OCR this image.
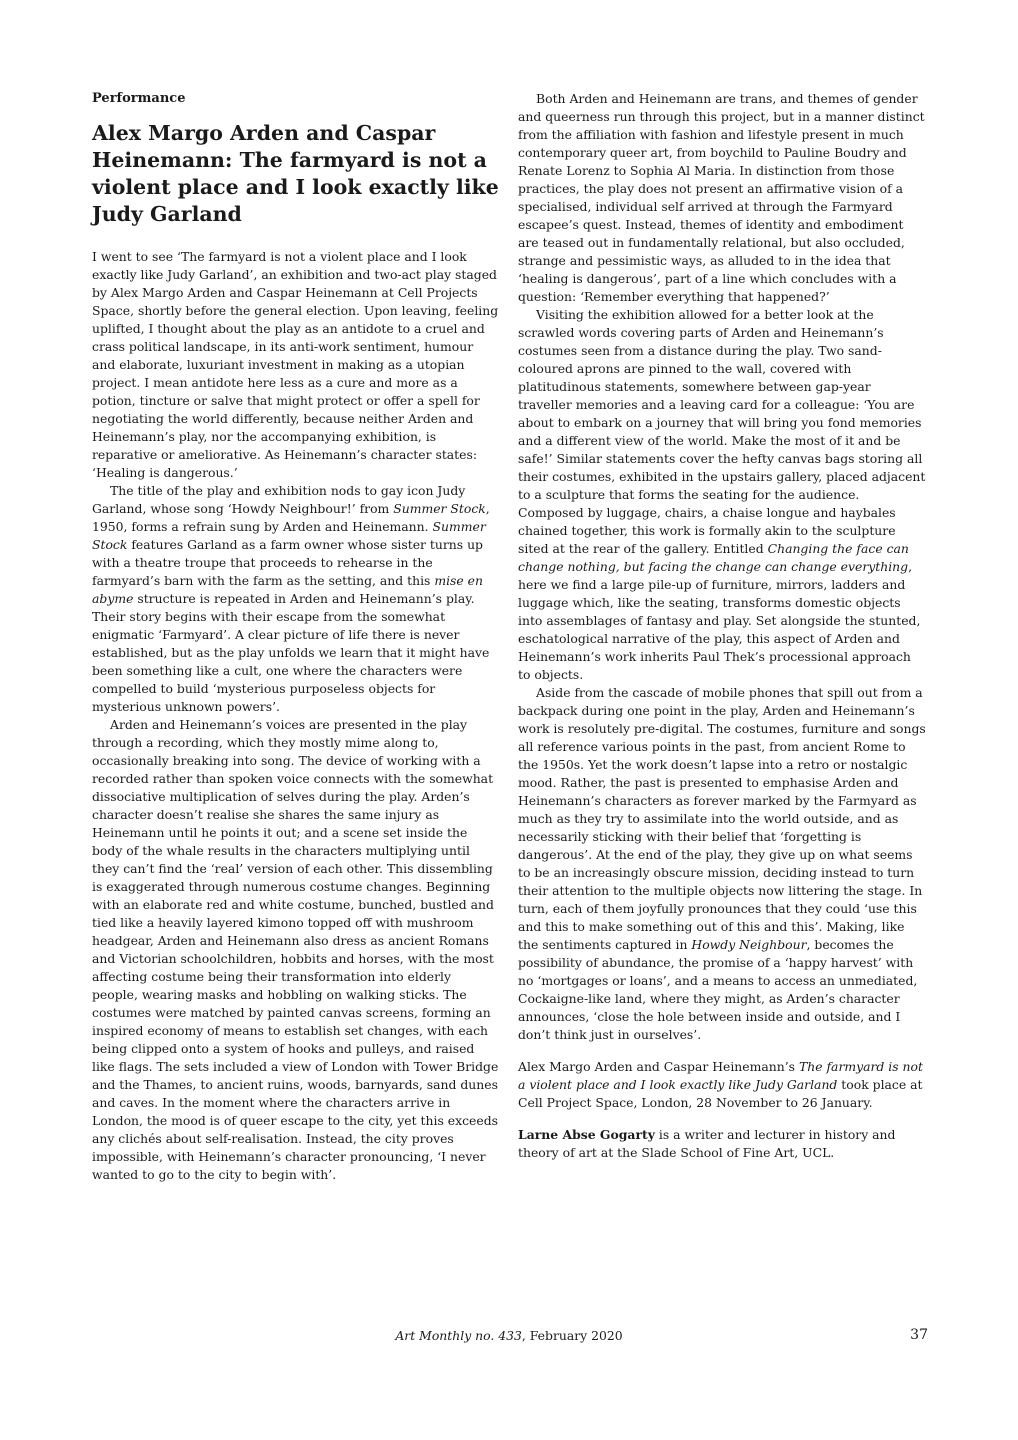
Performance
Alex Margo Arden and Caspar Heinemann: The farmyard is not a violent place and I look exactly like Judy Garland

I went to see ‘The farmyard is not a violent place and I look exactly like Judy Garland’, an exhibition and two-act play staged by Alex Margo Arden and Caspar Heinemann at Cell Projects Space, shortly before the general election. Upon leaving, feeling uplifted, I thought about the play as an antidote to a cruel and crass political landscape, in its anti-work sentiment, humour and elaborate, luxuriant investment in making as a utopian project. I mean antidote here less as a cure and more as a potion, tincture or salve that might protect or offer a spell for negotiating the world differently, because neither Arden and Heinemann’s play, nor the accompanying exhibition, is reparative or ameliorative. As Heinemann’s character states: ‘Healing is dangerous.’

The title of the play and exhibition nods to gay icon Judy Garland, whose song ‘Howdy Neighbour!’ from Summer Stock, 1950, forms a refrain sung by Arden and Heinemann. Summer Stock features Garland as a farm owner whose sister turns up with a theatre troupe that proceeds to rehearse in the farmyard’s barn with the farm as the setting, and this mise en abyme structure is repeated in Arden and Heinemann’s play. Their story begins with their escape from the somewhat enigmatic ‘Farmyard’. A clear picture of life there is never established, but as the play unfolds we learn that it might have been something like a cult, one where the characters were compelled to build ‘mysterious purposeless objects for mysterious unknown powers’.

Arden and Heinemann’s voices are presented in the play through a recording, which they mostly mime along to, occasionally breaking into song. The device of working with a recorded rather than spoken voice connects with the somewhat dissociative multiplication of selves during the play. Arden’s character doesn’t realise she shares the same injury as Heinemann until he points it out; and a scene set inside the body of the whale results in the characters multiplying until they can’t find the ‘real’ version of each other. This dissembling is exaggerated through numerous costume changes. Beginning with an elaborate red and white costume, bunched, bustled and tied like a heavily layered kimono topped off with mushroom headgear, Arden and Heinemann also dress as ancient Romans and Victorian schoolchildren, hobbits and horses, with the most affecting costume being their transformation into elderly people, wearing masks and hobbling on walking sticks. The costumes were matched by painted canvas screens, forming an inspired economy of means to establish set changes, with each being clipped onto a system of hooks and pulleys, and raised like flags. The sets included a view of London with Tower Bridge and the Thames, to ancient ruins, woods, barnyards, sand dunes and caves. In the moment where the characters arrive in London, the mood is of queer escape to the city, yet this exceeds any clichés about self-realisation. Instead, the city proves impossible, with Heinemann’s character pronouncing, ‘I never wanted to go to the city to begin with’.

Both Arden and Heinemann are trans, and themes of gender and queerness run through this project, but in a manner distinct from the affiliation with fashion and lifestyle present in much contemporary queer art, from boychild to Pauline Boudry and Renate Lorenz to Sophia Al Maria. In distinction from those practices, the play does not present an affirmative vision of a specialised, individual self arrived at through the Farmyard escapee’s quest. Instead, themes of identity and embodiment are teased out in fundamentally relational, but also occluded, strange and pessimistic ways, as alluded to in the idea that ‘healing is dangerous’, part of a line which concludes with a question: ‘Remember everything that happened?’

Visiting the exhibition allowed for a better look at the scrawled words covering parts of Arden and Heinemann’s costumes seen from a distance during the play. Two sand-coloured aprons are pinned to the wall, covered with platitudinous statements, somewhere between gap-year traveller memories and a leaving card for a colleague: ‘You are about to embark on a journey that will bring you fond memories and a different view of the world. Make the most of it and be safe!’ Similar statements cover the hefty canvas bags storing all their costumes, exhibited in the upstairs gallery, placed adjacent to a sculpture that forms the seating for the audience. Composed by luggage, chairs, a chaise longue and haybales chained together, this work is formally akin to the sculpture sited at the rear of the gallery. Entitled Changing the face can change nothing, but facing the change can change everything, here we find a large pile-up of furniture, mirrors, ladders and luggage which, like the seating, transforms domestic objects into assemblages of fantasy and play. Set alongside the stunted, eschatological narrative of the play, this aspect of Arden and Heinemann’s work inherits Paul Thek’s processional approach to objects.

Aside from the cascade of mobile phones that spill out from a backpack during one point in the play, Arden and Heinemann’s work is resolutely pre-digital. The costumes, furniture and songs all reference various points in the past, from ancient Rome to the 1950s. Yet the work doesn’t lapse into a retro or nostalgic mood. Rather, the past is presented to emphasise Arden and Heinemann’s characters as forever marked by the Farmyard as much as they try to assimilate into the world outside, and as necessarily sticking with their belief that ‘forgetting is dangerous’. At the end of the play, they give up on what seems to be an increasingly obscure mission, deciding instead to turn their attention to the multiple objects now littering the stage. In turn, each of them joyfully pronounces that they could ‘use this and this to make something out of this and this’. Making, like the sentiments captured in Howdy Neighbour, becomes the possibility of abundance, the promise of a ‘happy harvest’ with no ‘mortgages or loans’, and a means to access an unmediated, Cockaigne-like land, where they might, as Arden’s character announces, ‘close the hole between inside and outside, and I don’t think just in ourselves’.

Alex Margo Arden and Caspar Heinemann’s The farmyard is not a violent place and I look exactly like Judy Garland took place at Cell Project Space, London, 28 November to 26 January.

Larne Abse Gogarty is a writer and lecturer in history and theory of art at the Slade School of Fine Art, UCL.

Art Monthly no. 433, February 2020	37
